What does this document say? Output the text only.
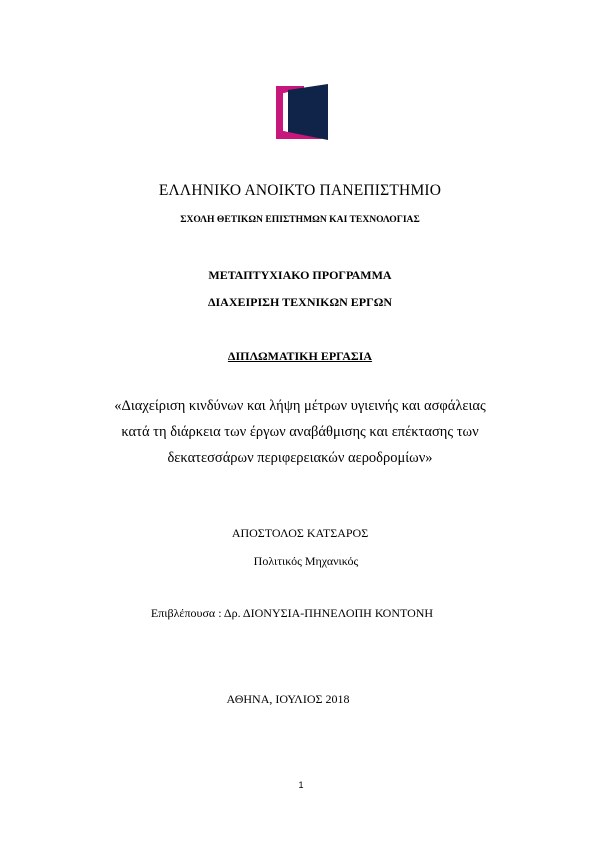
ΕΛΛΗΝΙΚΟ ΑΝΟΙΚΤΟ ΠΑΝΕΠΙΣΤΗΜΙΟ
ΣΧΟΛΗ ΘΕΤΙΚΩΝ ΕΠΙΣΤΗΜΩΝ ΚΑΙ ΤΕΧΝΟΛΟΓΙΑΣ
ΜΕΤΑΠΤΥΧΙΑΚΟ ΠΡΟΓΡΑΜΜΑ
ΔΙΑΧΕΙΡΙΣΗ ΤΕΧΝΙΚΩΝ ΕΡΓΩΝ
ΔΙΠΛΩΜΑΤΙΚΗ ΕΡΓΑΣΙΑ
«Διαχείριση κινδύνων και λήψη μέτρων υγιεινής και ασφάλειας
κατά τη διάρκεια των έργων αναβάθμισης και επέκτασης των
δεκατεσσάρων περιφερειακών αεροδρομίων»
ΑΠΟΣΤΟΛΟΣ ΚΑΤΣΑΡΟΣ
Πολιτικός Μηχανικός
Επιβλέπουσα : Δρ. ΔΙΟΝΥΣΙΑ-ΠΗΝΕΛΟΠΗ ΚΟΝΤΟΝΗ
ΑΘΗΝΑ, ΙΟΥΛΙΟΣ 2018
1
